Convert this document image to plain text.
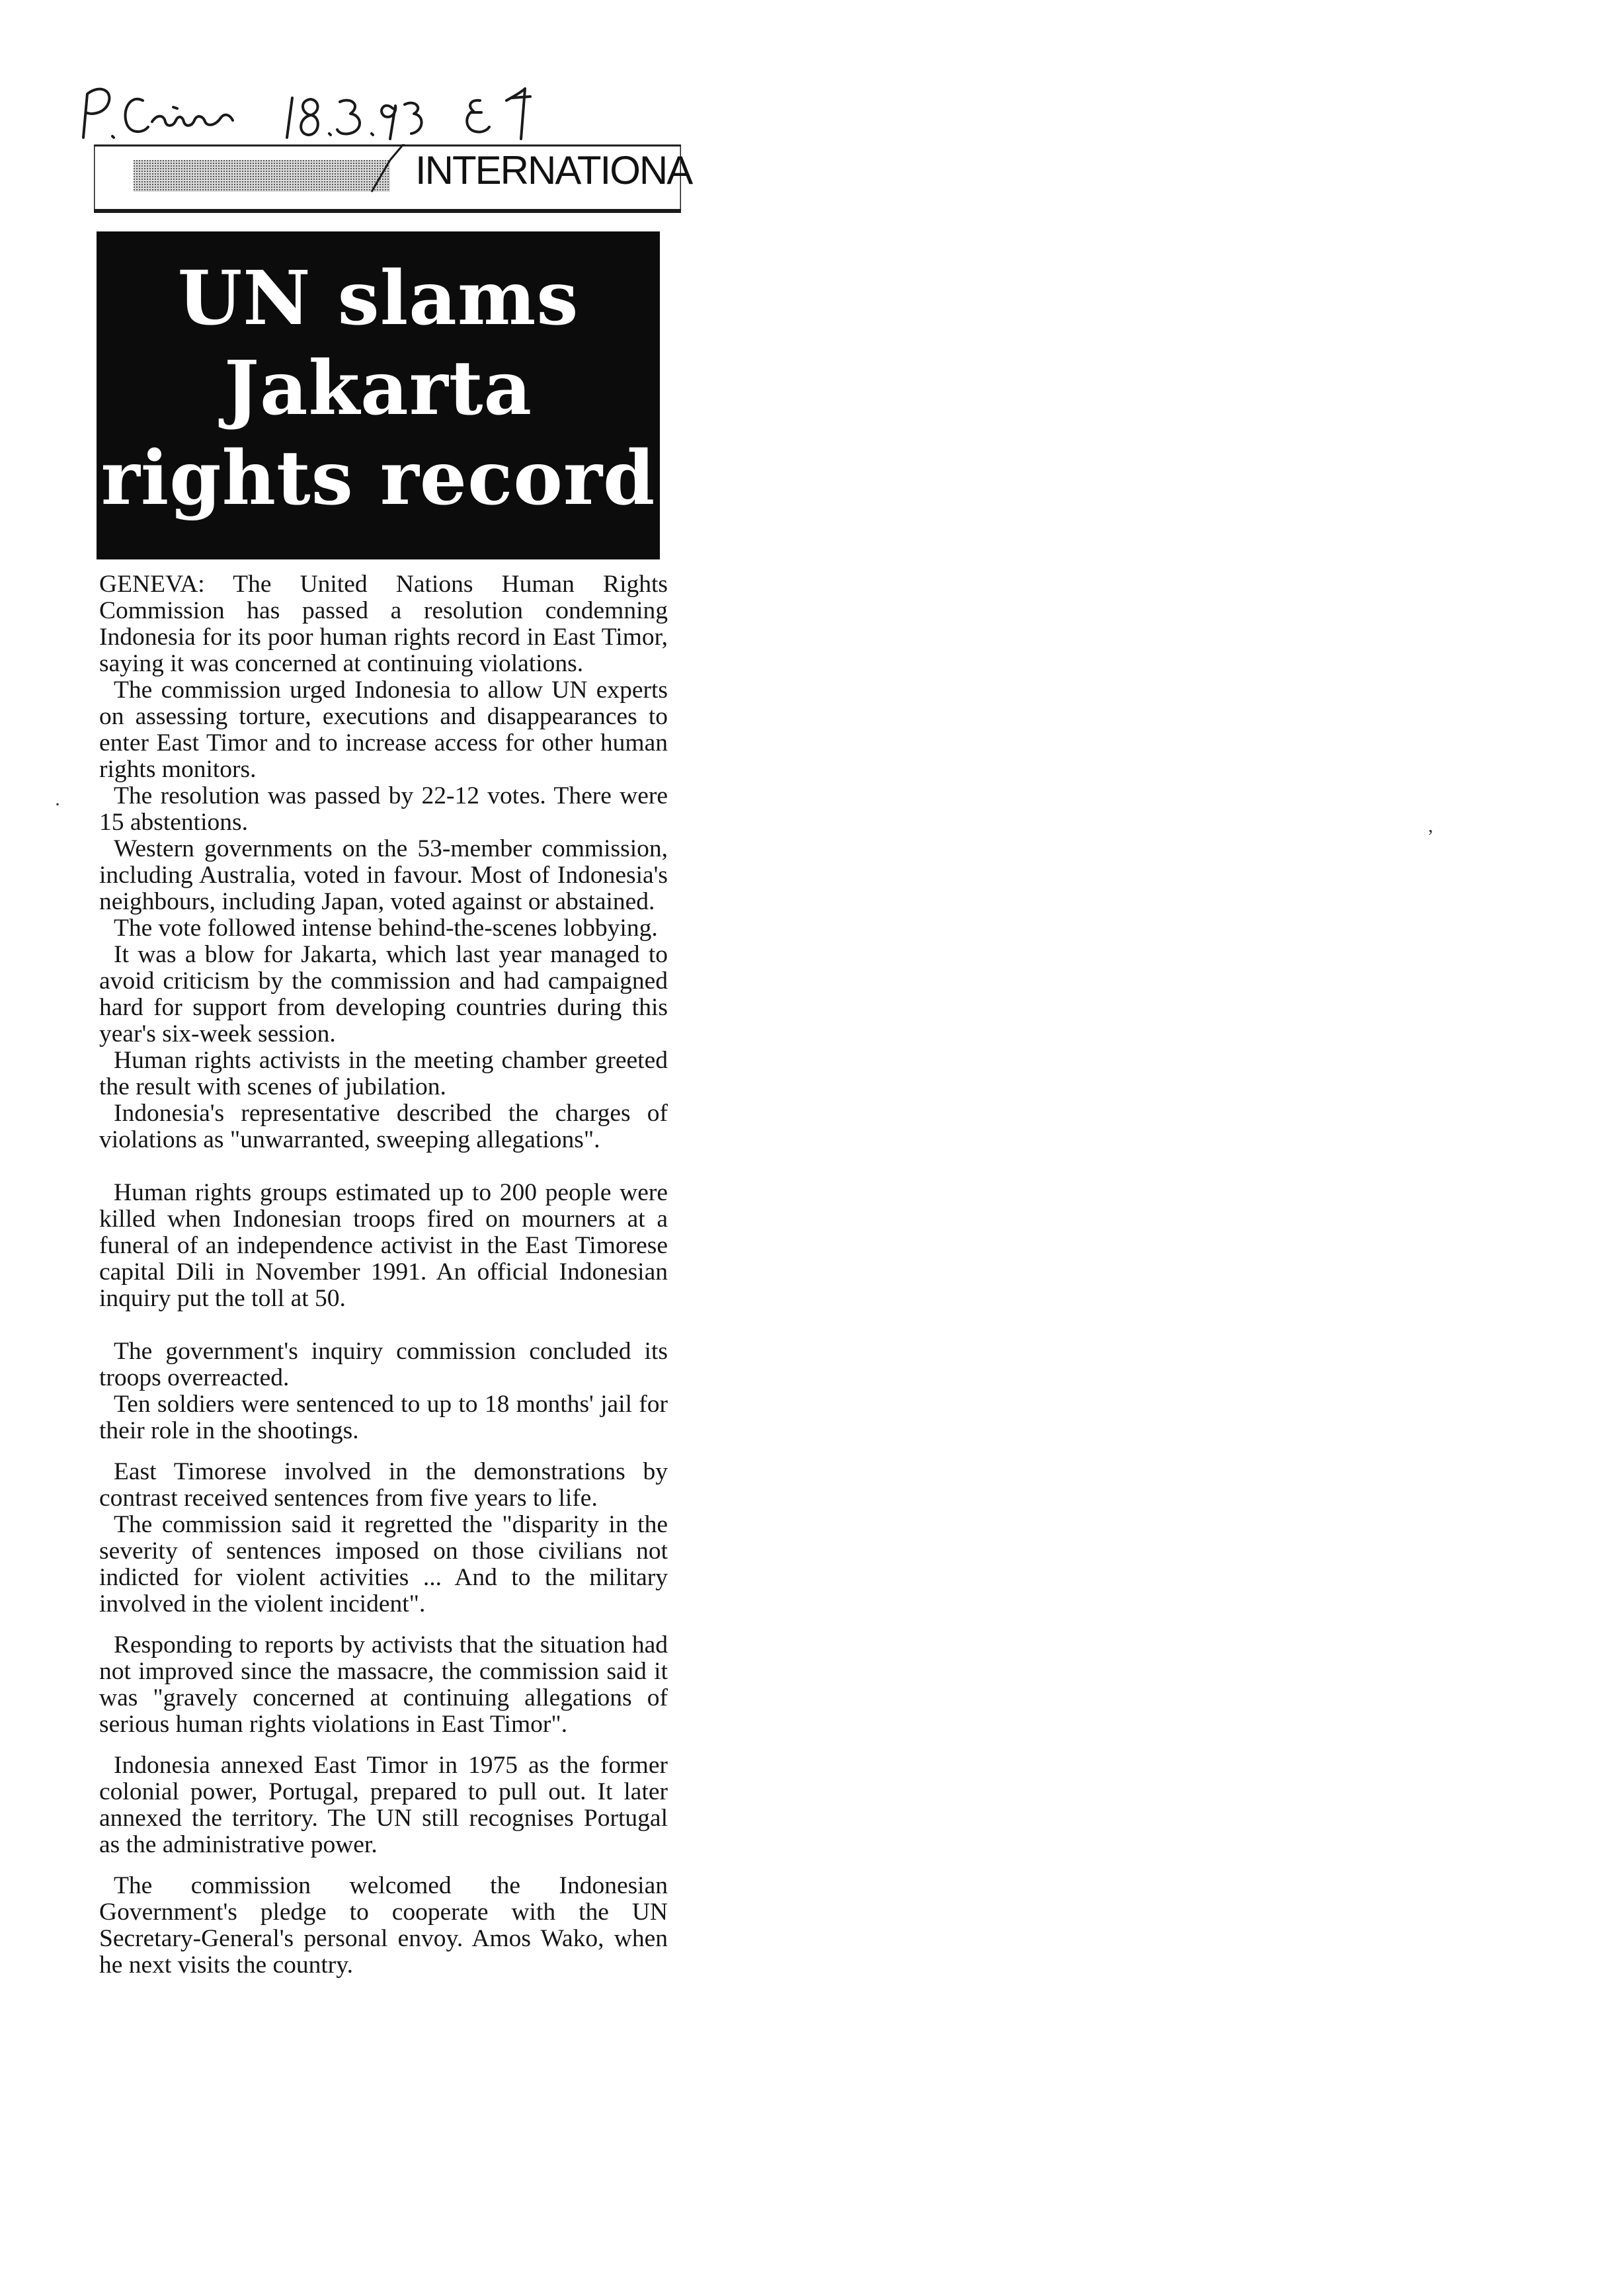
INTERNATIONA
UN slams
Jakarta
rights record

GENEVA: The United Nations Human Rights Commission has passed a resolution condemning Indonesia for its poor human rights record in East Timor, saying it was concerned at continuing violations.

The commission urged Indonesia to allow UN experts on assessing torture, executions and disappearances to enter East Timor and to increase access for other human rights monitors.

The resolution was passed by 22-12 votes. There were 15 abstentions.

Western governments on the 53-member commission, including Australia, voted in favour. Most of Indonesia's neighbours, including Japan, voted against or abstained.

The vote followed intense behind-the-scenes lobbying.

It was a blow for Jakarta, which last year managed to avoid criticism by the commission and had campaigned hard for support from developing countries during this year's six-week session.

Human rights activists in the meeting chamber greeted the result with scenes of jubilation.

Indonesia's representative described the charges of violations as "unwarranted, sweeping allegations".

Human rights groups estimated up to 200 people were killed when Indonesian troops fired on mourners at a funeral of an independence activist in the East Timorese capital Dili in November 1991. An official Indonesian inquiry put the toll at 50.

The government's inquiry commission concluded its troops overreacted.

Ten soldiers were sentenced to up to 18 months' jail for their role in the shootings.

East Timorese involved in the demonstrations by contrast received sentences from five years to life.

The commission said it regretted the "disparity in the severity of sentences imposed on those civilians not indicted for violent activities ... And to the military involved in the violent incident".

Responding to reports by activists that the situation had not improved since the massacre, the commission said it was "gravely concerned at continuing allegations of serious human rights violations in East Timor".

Indonesia annexed East Timor in 1975 as the former colonial power, Portugal, prepared to pull out. It later annexed the territory. The UN still recognises Portugal as the administrative power.

The commission welcomed the Indonesian Government's pledge to cooperate with the UN Secretary-General's personal envoy. Amos Wako, when he next visits the country.

,
·
